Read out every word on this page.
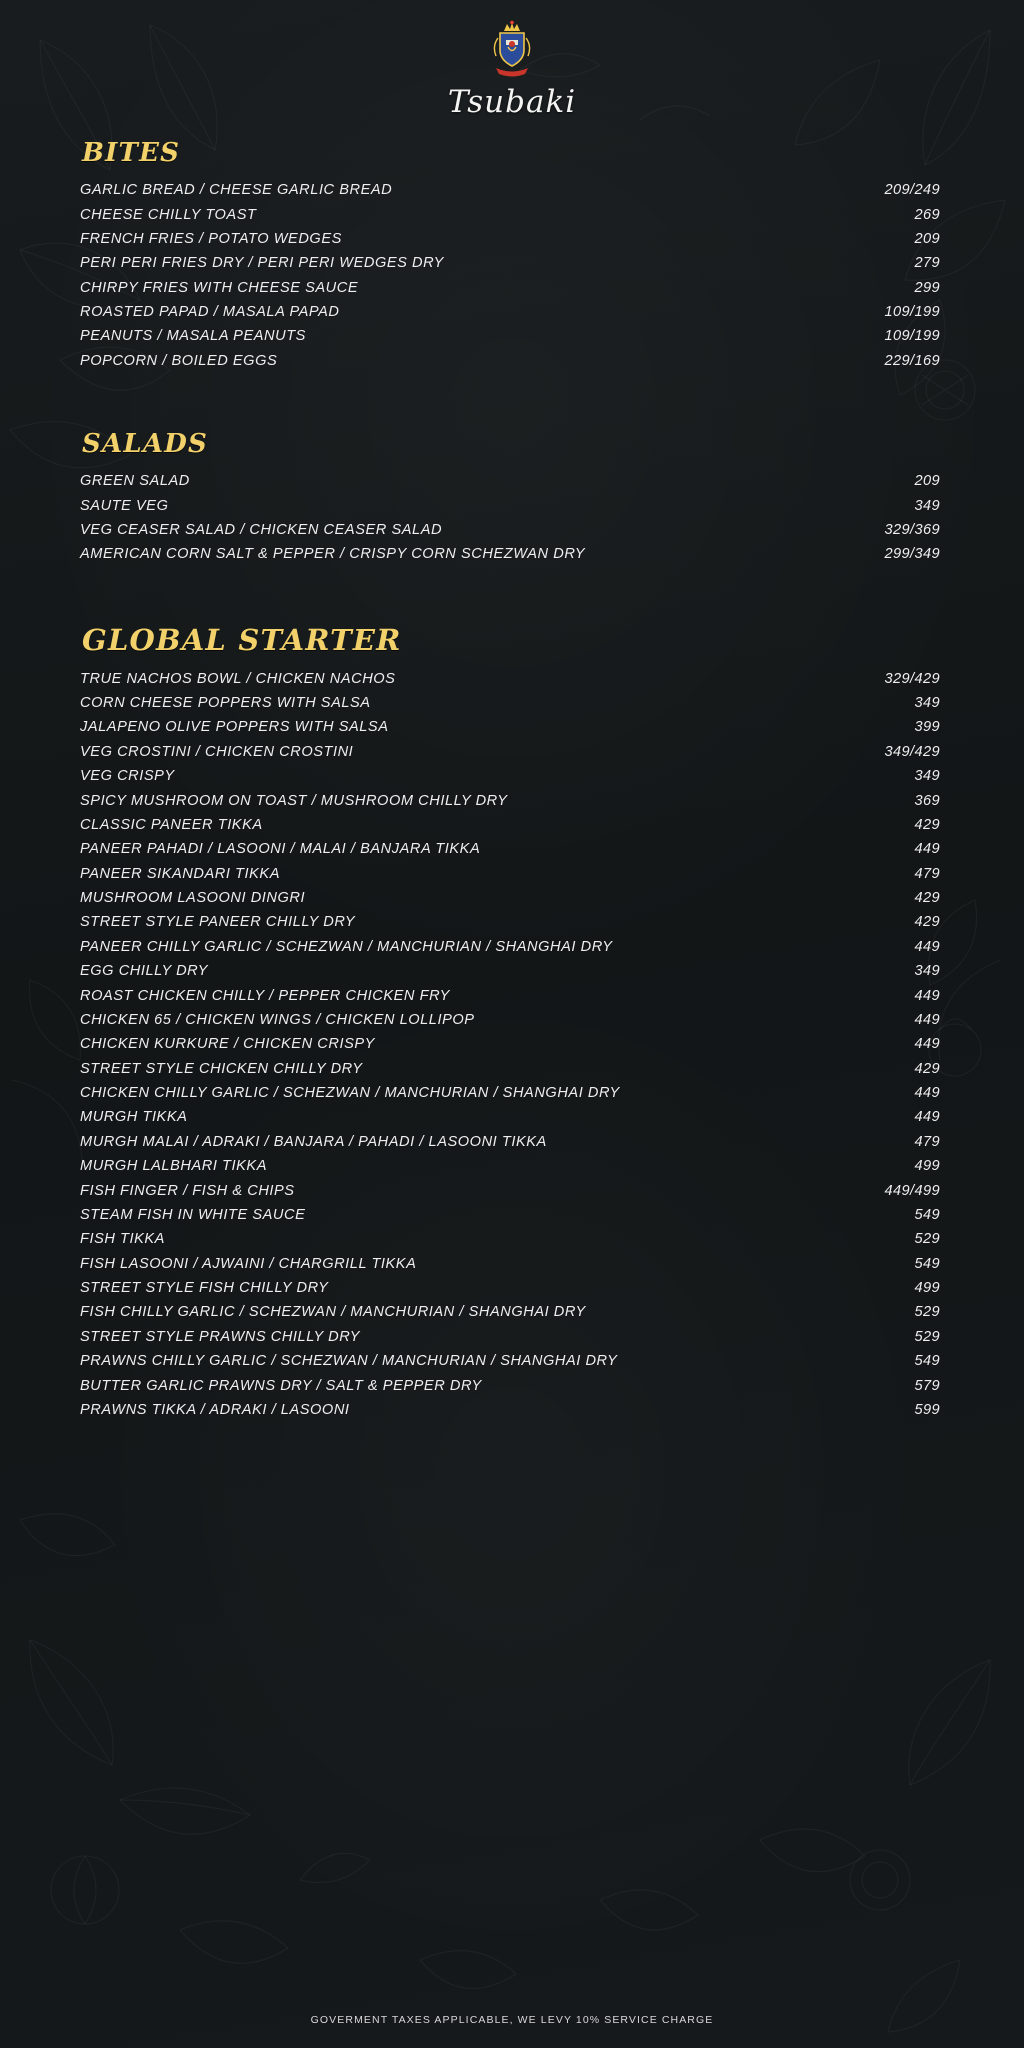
Tsubaki
BITES
GARLIC BREAD / CHEESE GARLIC BREAD	209/249
CHEESE CHILLY TOAST	269
FRENCH FRIES / POTATO WEDGES	209
PERI PERI FRIES DRY / PERI PERI WEDGES DRY	279
CHIRPY FRIES WITH CHEESE SAUCE	299
ROASTED PAPAD / MASALA PAPAD	109/199
PEANUTS / MASALA PEANUTS	109/199
POPCORN / BOILED EGGS	229/169
SALADS
GREEN SALAD	209
SAUTE VEG	349
VEG CEASER SALAD / CHICKEN CEASER SALAD	329/369
AMERICAN CORN SALT & PEPPER / CRISPY CORN SCHEZWAN DRY	299/349
GLOBAL STARTER
TRUE NACHOS BOWL / CHICKEN NACHOS	329/429
CORN CHEESE POPPERS WITH SALSA	349
JALAPENO OLIVE POPPERS WITH SALSA	399
VEG CROSTINI / CHICKEN CROSTINI	349/429
VEG CRISPY	349
SPICY MUSHROOM ON TOAST / MUSHROOM CHILLY DRY	369
CLASSIC PANEER TIKKA	429
PANEER PAHADI / LASOONI / MALAI / BANJARA TIKKA	449
PANEER SIKANDARI TIKKA	479
MUSHROOM LASOONI DINGRI	429
STREET STYLE PANEER CHILLY DRY	429
PANEER CHILLY GARLIC / SCHEZWAN / MANCHURIAN / SHANGHAI DRY	449
EGG CHILLY DRY	349
ROAST CHICKEN CHILLY / PEPPER CHICKEN FRY	449
CHICKEN 65 / CHICKEN WINGS / CHICKEN LOLLIPOP	449
CHICKEN KURKURE / CHICKEN CRISPY	449
STREET STYLE CHICKEN CHILLY DRY	429
CHICKEN CHILLY GARLIC / SCHEZWAN / MANCHURIAN / SHANGHAI DRY	449
MURGH TIKKA	449
MURGH MALAI / ADRAKI / BANJARA / PAHADI / LASOONI TIKKA	479
MURGH LALBHARI TIKKA	499
FISH FINGER / FISH & CHIPS	449/499
STEAM FISH IN WHITE SAUCE	549
FISH TIKKA	529
FISH LASOONI / AJWAINI / CHARGRILL TIKKA	549
STREET STYLE FISH CHILLY DRY	499
FISH CHILLY GARLIC / SCHEZWAN / MANCHURIAN / SHANGHAI DRY	529
STREET STYLE PRAWNS CHILLY DRY	529
PRAWNS CHILLY GARLIC / SCHEZWAN / MANCHURIAN / SHANGHAI DRY	549
BUTTER GARLIC PRAWNS DRY / SALT & PEPPER DRY	579
PRAWNS TIKKA / ADRAKI / LASOONI	599
GOVERMENT TAXES APPLICABLE, WE LEVY 10% SERVICE CHARGE
